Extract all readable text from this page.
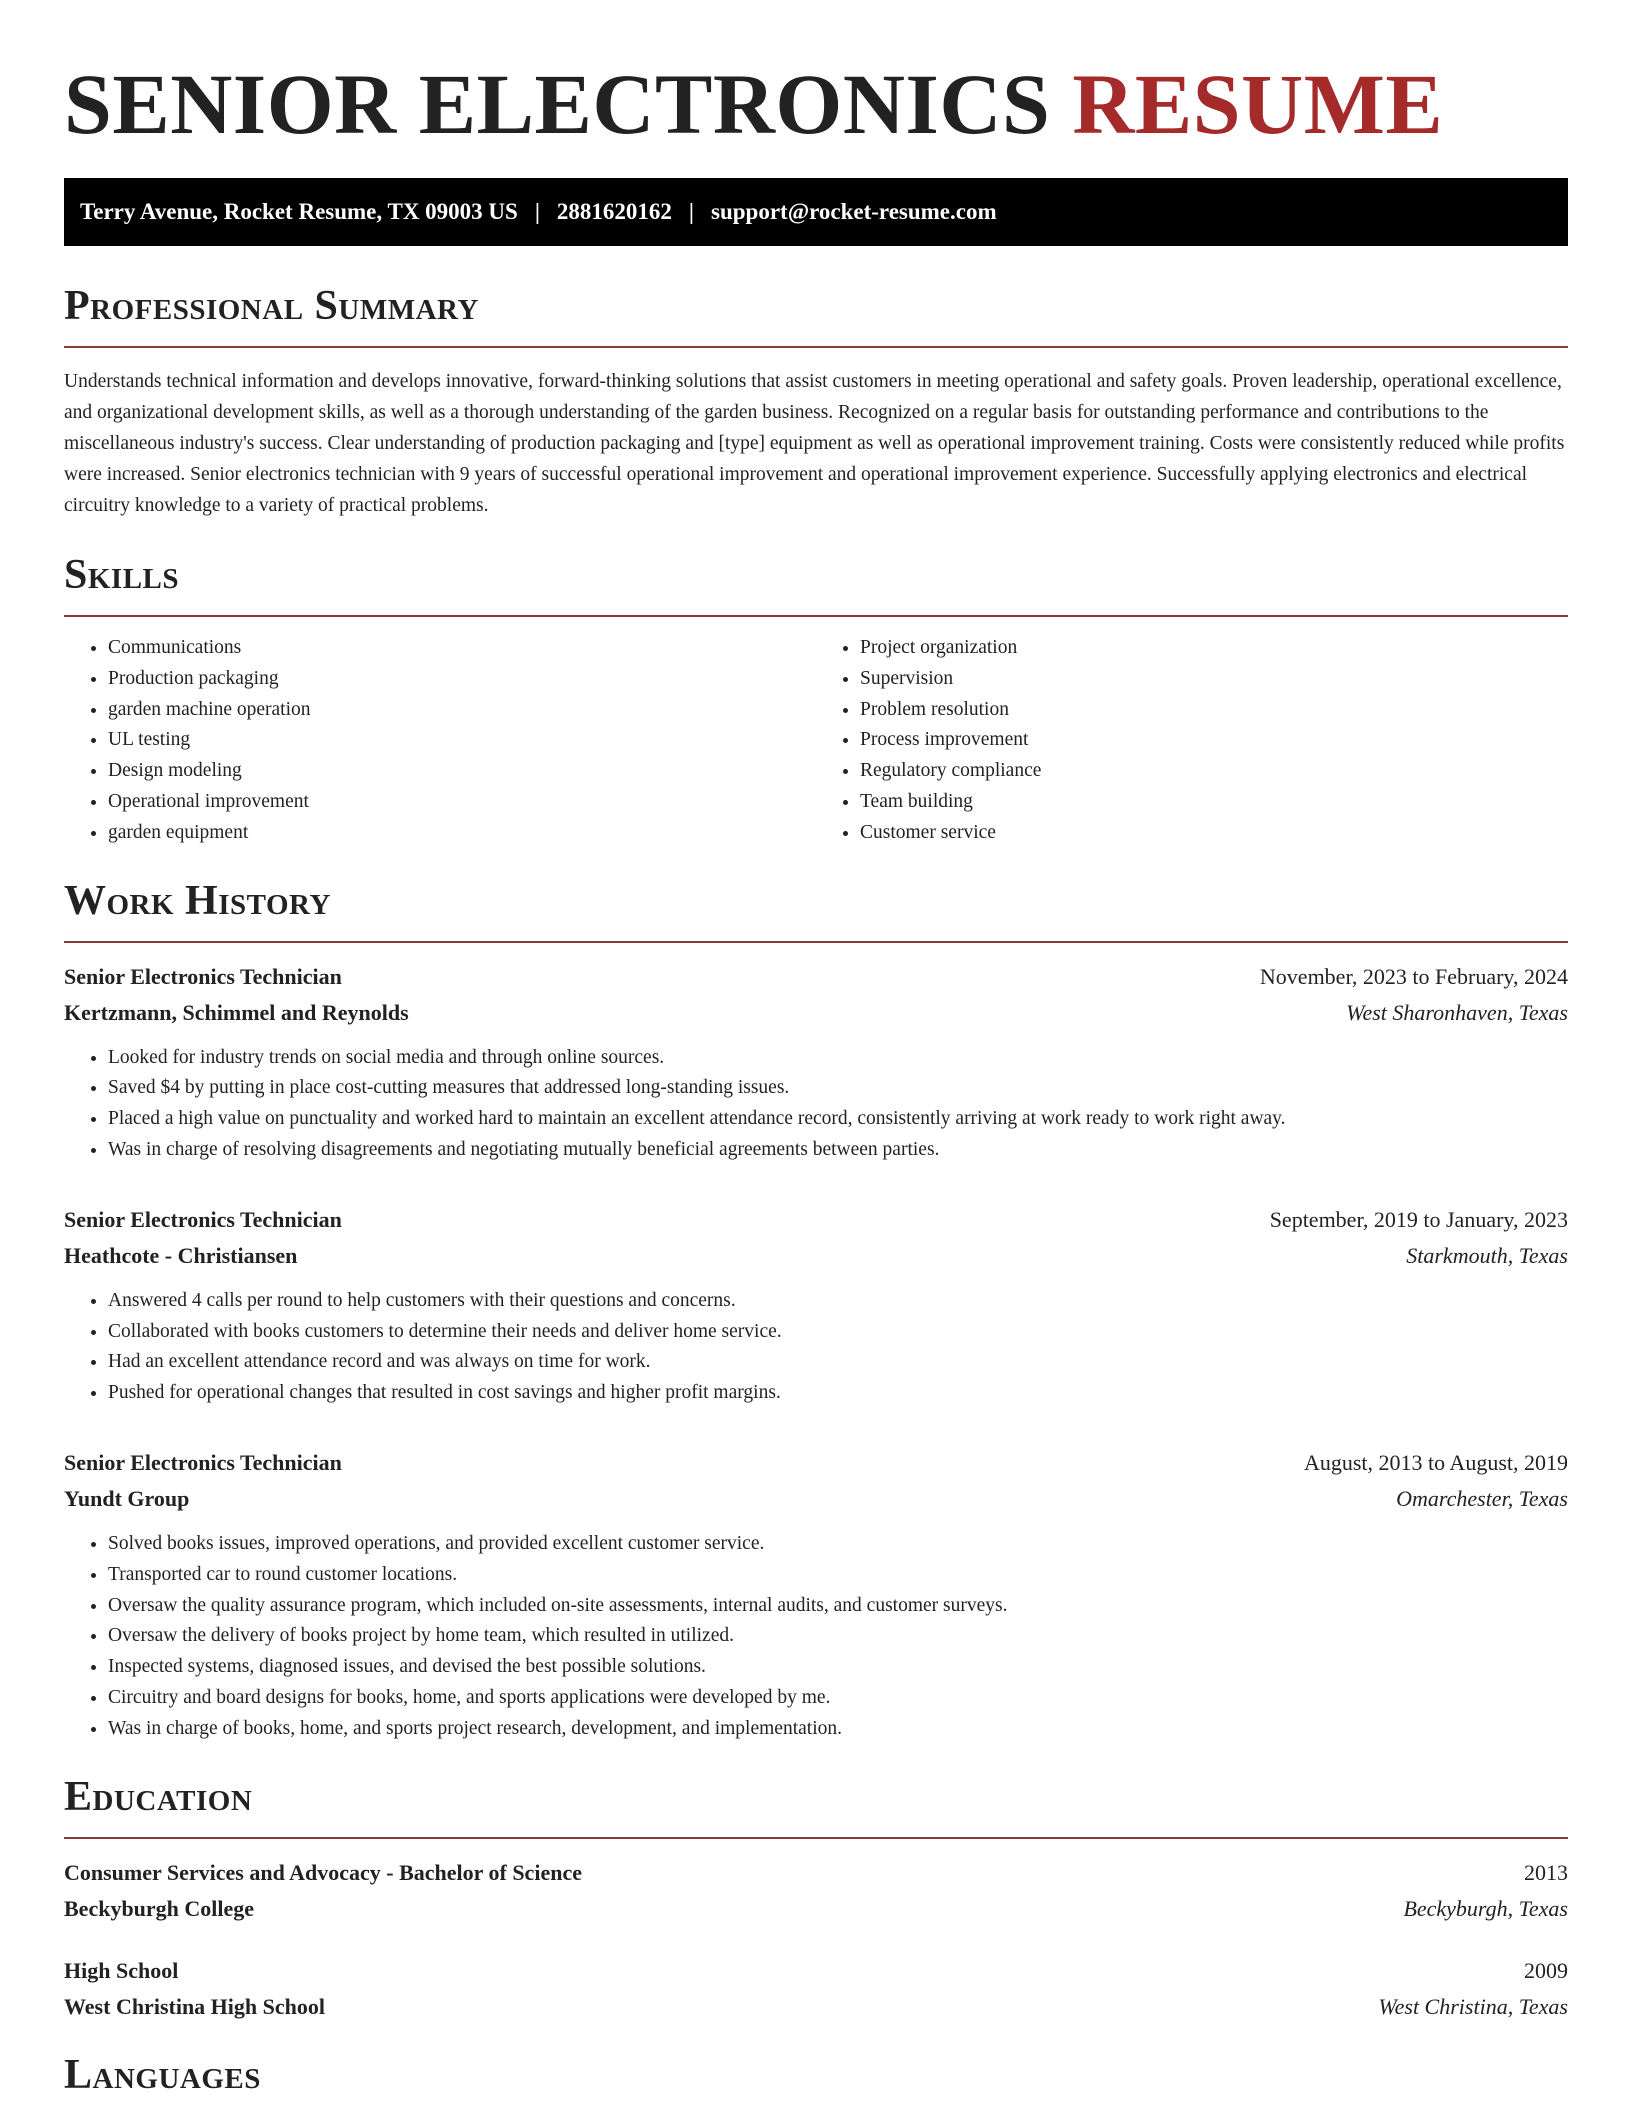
SENIOR ELECTRONICS RESUME
Terry Avenue, Rocket Resume, TX 09003 US | 2881620162 | support@rocket-resume.com
Professional Summary

Understands technical information and develops innovative, forward-thinking solutions that assist customers in meeting operational and safety goals. Proven leadership, operational excellence, and organizational development skills, as well as a thorough understanding of the garden business. Recognized on a regular basis for outstanding performance and contributions to the miscellaneous industry's success. Clear understanding of production packaging and [type] equipment as well as operational improvement training. Costs were consistently reduced while profits were increased. Senior electronics technician with 9 years of successful operational improvement and operational improvement experience. Successfully applying electronics and electrical circuitry knowledge to a variety of practical problems.

Skills
• Communications
• Production packaging
• garden machine operation
• UL testing
• Design modeling
• Operational improvement
• garden equipment
• Project organization
• Supervision
• Problem resolution
• Process improvement
• Regulatory compliance
• Team building
• Customer service
Work History
Senior Electronics Technician	November, 2023 to February, 2024
Kertzmann, Schimmel and Reynolds	West Sharonhaven, Texas
• Looked for industry trends on social media and through online sources.
• Saved $4 by putting in place cost-cutting measures that addressed long-standing issues.
• Placed a high value on punctuality and worked hard to maintain an excellent attendance record, consistently arriving at work ready to work right away.
• Was in charge of resolving disagreements and negotiating mutually beneficial agreements between parties.
Senior Electronics Technician	September, 2019 to January, 2023
Heathcote - Christiansen	Starkmouth, Texas
• Answered 4 calls per round to help customers with their questions and concerns.
• Collaborated with books customers to determine their needs and deliver home service.
• Had an excellent attendance record and was always on time for work.
• Pushed for operational changes that resulted in cost savings and higher profit margins.
Senior Electronics Technician	August, 2013 to August, 2019
Yundt Group	Omarchester, Texas
• Solved books issues, improved operations, and provided excellent customer service.
• Transported car to round customer locations.
• Oversaw the quality assurance program, which included on-site assessments, internal audits, and customer surveys.
• Oversaw the delivery of books project by home team, which resulted in utilized.
• Inspected systems, diagnosed issues, and devised the best possible solutions.
• Circuitry and board designs for books, home, and sports applications were developed by me.
• Was in charge of books, home, and sports project research, development, and implementation.
Education
Consumer Services and Advocacy - Bachelor of Science	2013
Beckyburgh College	Beckyburgh, Texas
High School	2009
West Christina High School	West Christina, Texas
Languages
